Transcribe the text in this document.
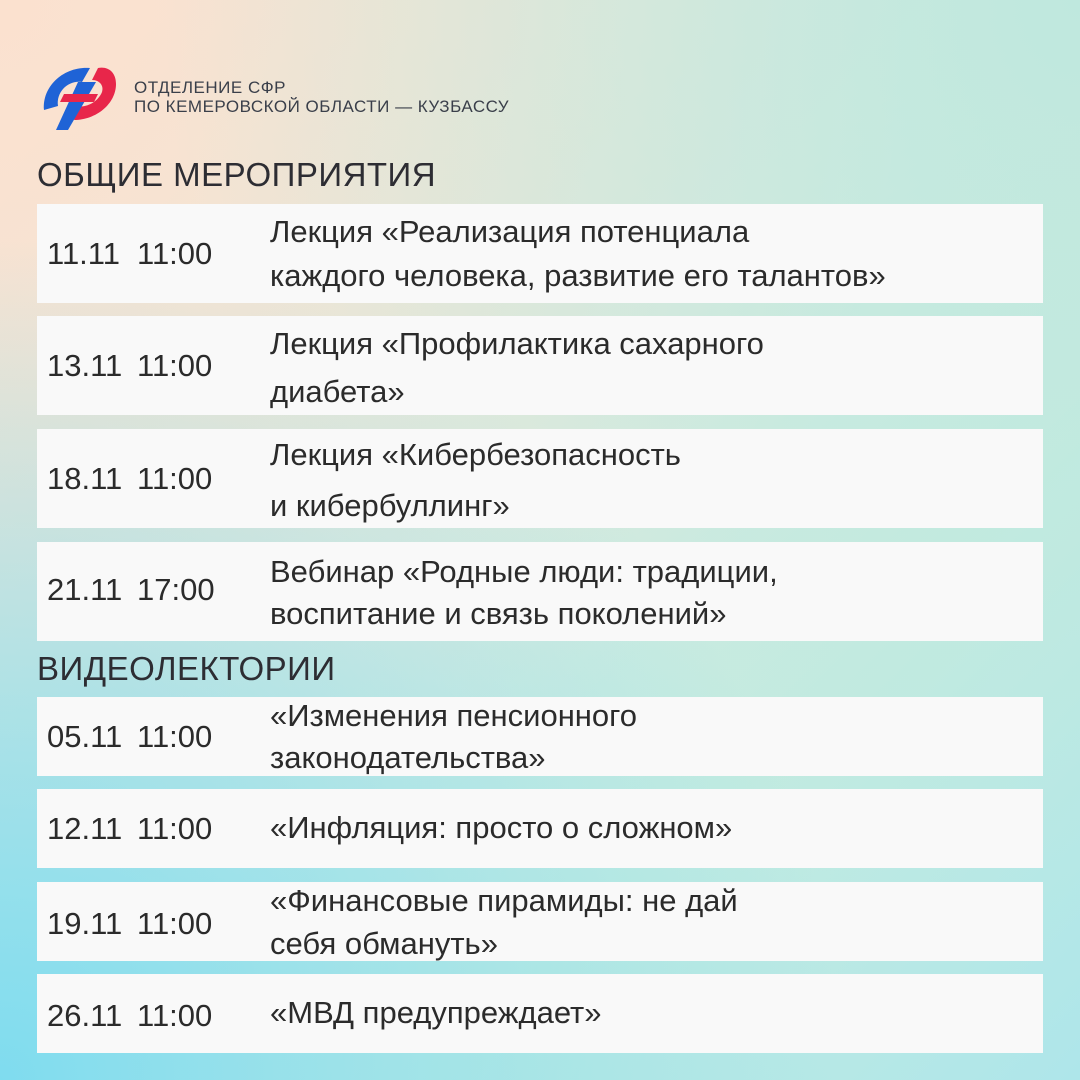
ОТДЕЛЕНИЕ СФР
ПО КЕМЕРОВСКОЙ ОБЛАСТИ — КУЗБАССУ
ОБЩИЕ МЕРОПРИЯТИЯ
11.11 11:00
Лекция «Реализация потенциала
каждого человека, развитие его талантов»
13.11 11:00
Лекция «Профилактика сахарного
диабета»
18.11 11:00
Лекция «Кибербезопасность
и кибербуллинг»
21.11 17:00
Вебинар «Родные люди: традиции,
воспитание и связь поколений»
ВИДЕОЛЕКТОРИИ
05.11 11:00
«Изменения пенсионного
законодательства»
12.11 11:00 «Инфляция: просто о сложном»
19.11 11:00
«Финансовые пирамиды: не дай
себя обмануть»
26.11 11:00 «МВД предупреждает»
